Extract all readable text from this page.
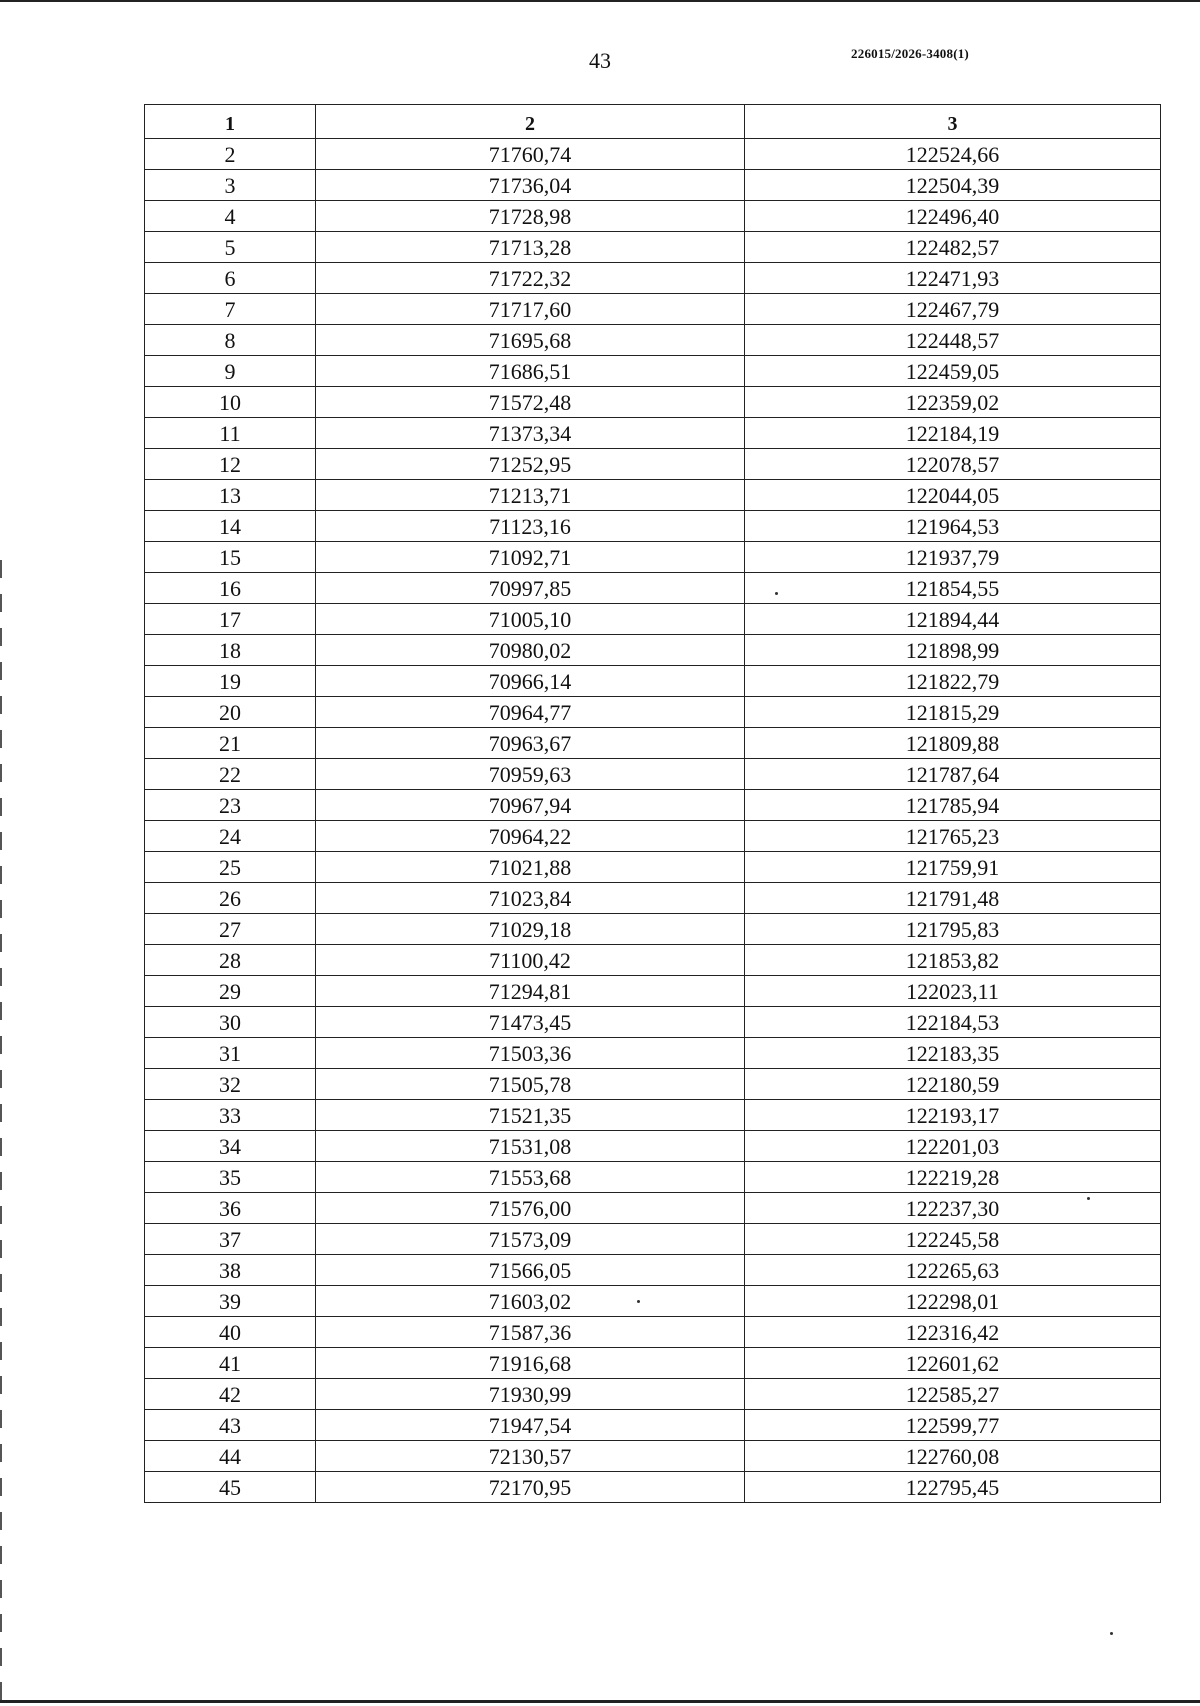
43	226015/2026-3408(1)
1	2	3
2	71760,74	122524,66
3	71736,04	122504,39
4	71728,98	122496,40
5	71713,28	122482,57
6	71722,32	122471,93
7	71717,60	122467,79
8	71695,68	122448,57
9	71686,51	122459,05
10	71572,48	122359,02
11	71373,34	122184,19
12	71252,95	122078,57
13	71213,71	122044,05
14	71123,16	121964,53
15	71092,71	121937,79
16	70997,85	121854,55
17	71005,10	121894,44
18	70980,02	121898,99
19	70966,14	121822,79
20	70964,77	121815,29
21	70963,67	121809,88
22	70959,63	121787,64
23	70967,94	121785,94
24	70964,22	121765,23
25	71021,88	121759,91
26	71023,84	121791,48
27	71029,18	121795,83
28	71100,42	121853,82
29	71294,81	122023,11
30	71473,45	122184,53
31	71503,36	122183,35
32	71505,78	122180,59
33	71521,35	122193,17
34	71531,08	122201,03
35	71553,68	122219,28
36	71576,00	122237,30
37	71573,09	122245,58
38	71566,05	122265,63
39	71603,02	122298,01
40	71587,36	122316,42
41	71916,68	122601,62
42	71930,99	122585,27
43	71947,54	122599,77
44	72130,57	122760,08
45	72170,95	122795,45
